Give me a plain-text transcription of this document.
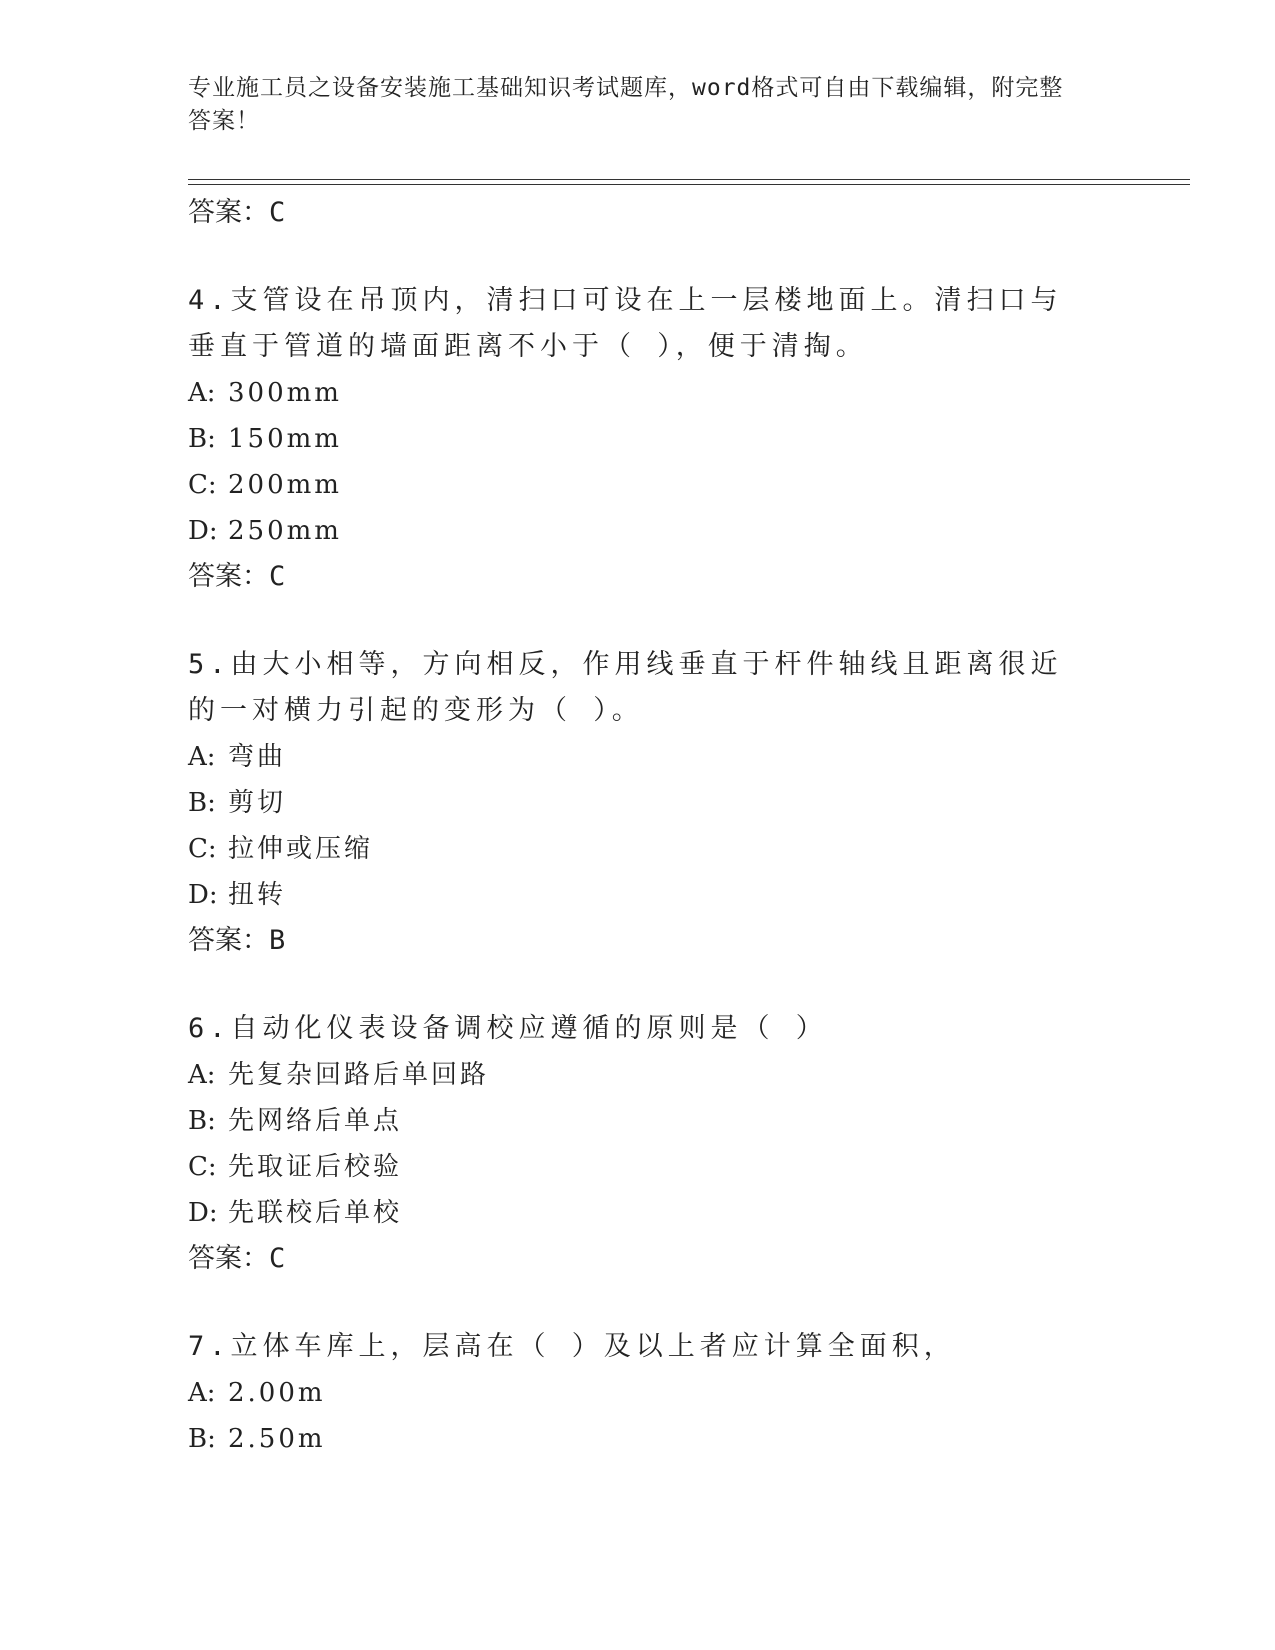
专业施工员之设备安装施工基础知识考试题库，word格式可自由下载编辑，附完整答案！
答案：C
4.支管设在吊顶内，清扫口可设在上一层楼地面上。清扫口与垂直于管道的墙面距离不小于（ ），便于清掏。
A: 300mm
B: 150mm
C: 200mm
D: 250mm
答案：C
5.由大小相等，方向相反，作用线垂直于杆件轴线且距离很近的一对横力引起的变形为（ ）。
A: 弯曲
B: 剪切
C: 拉伸或压缩
D: 扭转
答案：B
6.自动化仪表设备调校应遵循的原则是（ ）
A: 先复杂回路后单回路
B: 先网络后单点
C: 先取证后校验
D: 先联校后单校
答案：C
7.立体车库上，层高在（ ）及以上者应计算全面积，
A: 2.00m
B: 2.50m
